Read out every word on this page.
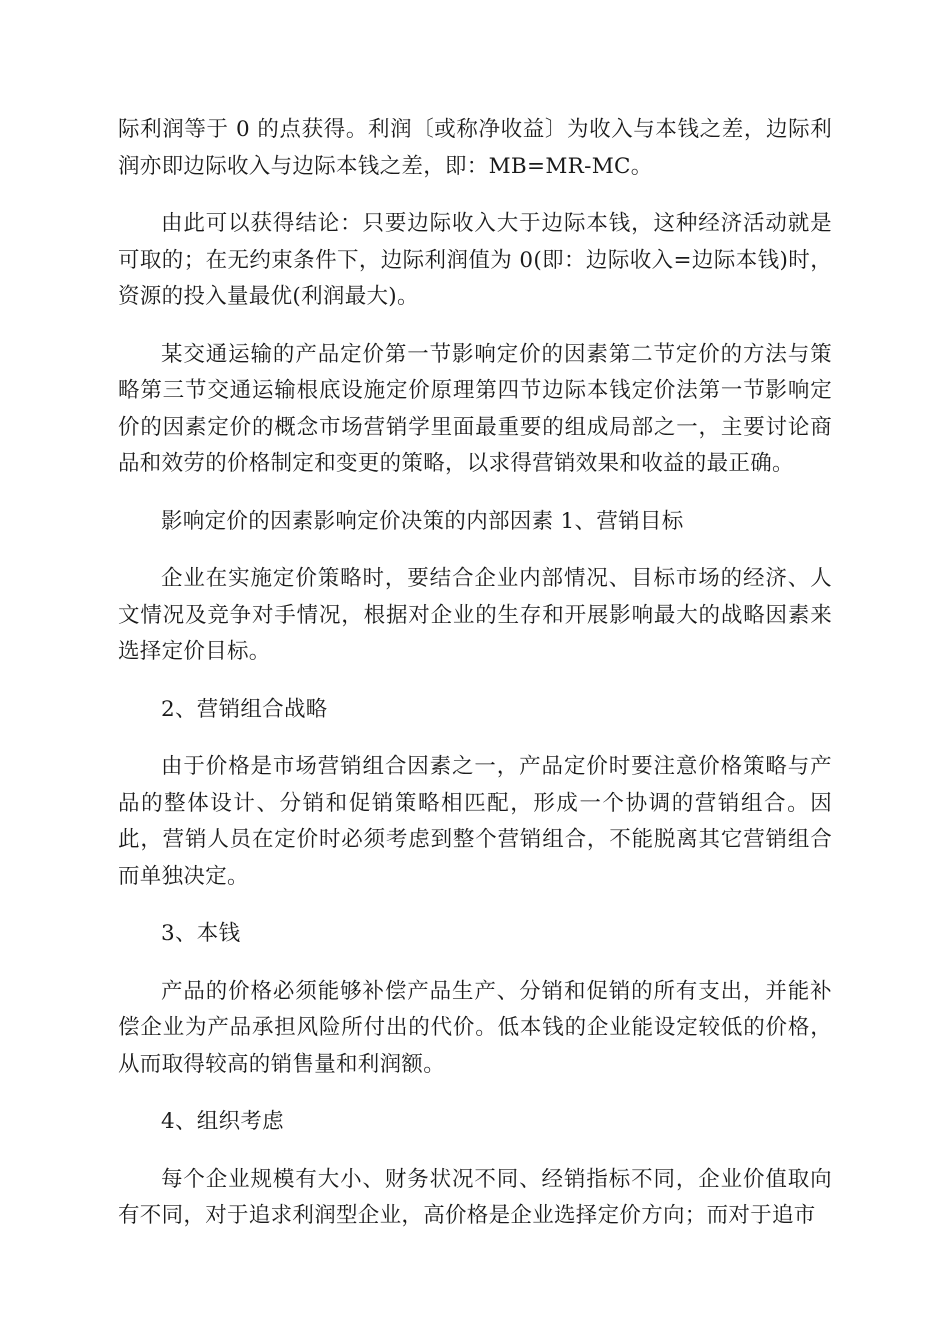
际利润等于 0 的点获得。利润〔或称净收益〕为收入与本钱之差，边际利润亦即边际收入与边际本钱之差，即：MB=MR-MC。

由此可以获得结论：只要边际收入大于边际本钱，这种经济活动就是可取的；在无约束条件下，边际利润值为 0(即：边际收入=边际本钱)时，资源的投入量最优(利润最大)。

某交通运输的产品定价第一节影响定价的因素第二节定价的方法与策略第三节交通运输根底设施定价原理第四节边际本钱定价法第一节影响定价的因素定价的概念市场营销学里面最重要的组成局部之一，主要讨论商品和效劳的价格制定和变更的策略，以求得营销效果和收益的最正确。

影响定价的因素影响定价决策的内部因素 1、营销目标

企业在实施定价策略时，要结合企业内部情况、目标市场的经济、人文情况及竞争对手情况，根据对企业的生存和开展影响最大的战略因素来选择定价目标。

2、营销组合战略

由于价格是市场营销组合因素之一，产品定价时要注意价格策略与产品的整体设计、分销和促销策略相匹配，形成一个协调的营销组合。因此，营销人员在定价时必须考虑到整个营销组合，不能脱离其它营销组合而单独决定。

3、本钱

产品的价格必须能够补偿产品生产、分销和促销的所有支出，并能补偿企业为产品承担风险所付出的代价。低本钱的企业能设定较低的价格，从而取得较高的销售量和利润额。

4、组织考虑

每个企业规模有大小、财务状况不同、经销指标不同，企业价值取向有不同，对于追求利润型企业，高价格是企业选择定价方向；而对于追市
